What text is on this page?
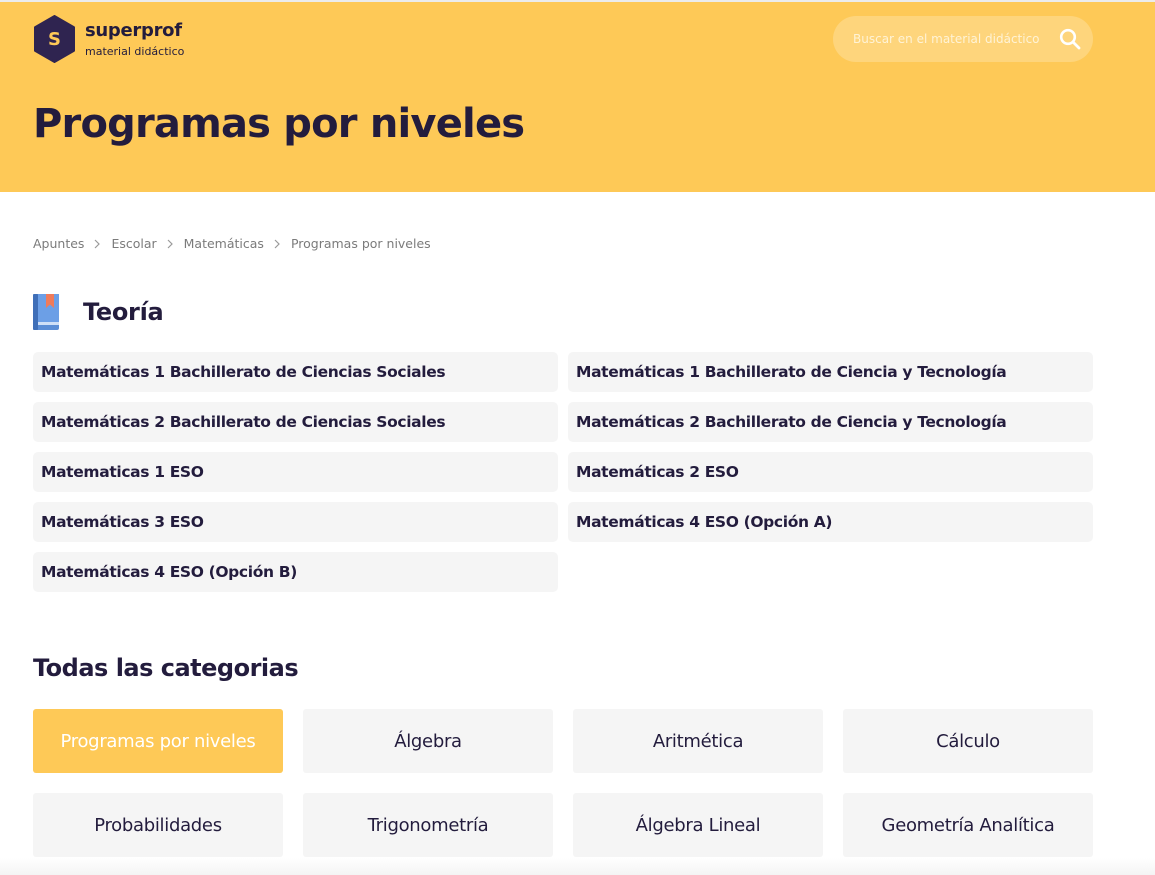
S	superprof
material didáctico
Buscar en el material didáctico
Programas por niveles
Apuntes Escolar Matemáticas Programas por niveles
Teoría
Matemáticas 1 Bachillerato de Ciencias Sociales	Matemáticas 1 Bachillerato de Ciencia y Tecnología
Matemáticas 2 Bachillerato de Ciencias Sociales	Matemáticas 2 Bachillerato de Ciencia y Tecnología
Matematicas 1 ESO	Matemáticas 2 ESO
Matemáticas 3 ESO	Matemáticas 4 ESO (Opción A)
Matemáticas 4 ESO (Opción B)
Todas las categorias
Programas por niveles	Álgebra	Aritmética	Cálculo
Probabilidades	Trigonometría	Álgebra Lineal	Geometría Analítica
